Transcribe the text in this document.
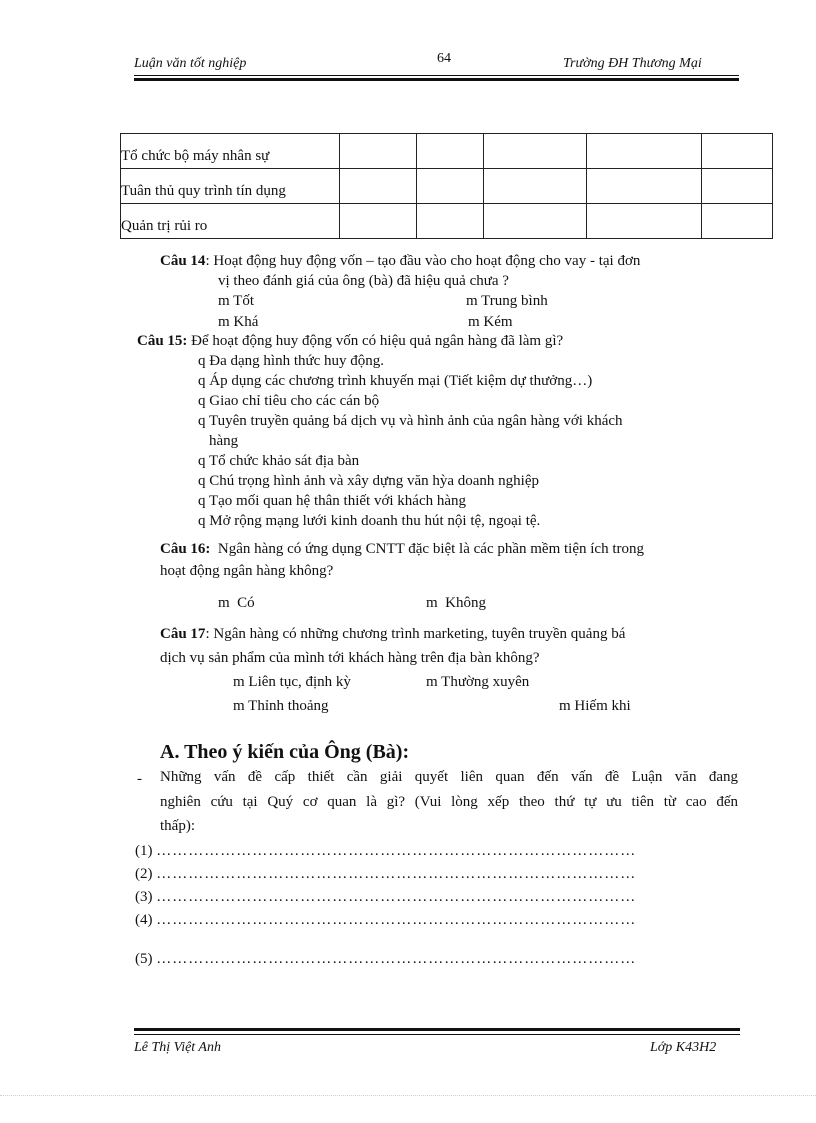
Luận văn tốt nghiệp	64	Trường ĐH Thương Mại
Tổ chức bộ máy nhân sự					
Tuân thủ quy trình tín dụng					
Quản trị rủi ro					
Câu 14: Hoạt động huy động vốn – tạo đầu vào cho hoạt động cho vay - tại đơn
vị theo đánh giá của ông (bà) đã hiệu quả chưa ?
m Tốt	m Trung bình
m Khá	m Kém
Câu 15: Để hoạt động huy động vốn có hiệu quả ngân hàng đã làm gì?
q Đa dạng hình thức huy động.
q Áp dụng các chương trình khuyến mại (Tiết kiệm dự thưởng…)
q Giao chỉ tiêu cho các cán bộ
q Tuyên truyền quảng bá dịch vụ và hình ảnh của ngân hàng với khách
hàng
q Tổ chức khảo sát địa bàn
q Chú trọng hình ảnh và xây dựng văn hỳa doanh nghiệp
q Tạo mối quan hệ thân thiết với khách hàng
q Mở rộng mạng lưới kinh doanh thu hút nội tệ, ngoại tệ.
Câu 16: Ngân hàng có ứng dụng CNTT đặc biệt là các phần mềm tiện ích trong
hoạt động ngân hàng không?
m Có	m Không
Câu 17: Ngân hàng có những chương trình marketing, tuyên truyền quảng bá
dịch vụ sản phẩm của mình tới khách hàng trên địa bàn không?
m Liên tục, định kỳ	m Thường xuyên
m Thỉnh thoảng	m Hiếm khi
A. Theo ý kiến của Ông (Bà):
- Những vấn đề cấp thiết cần giải quyết liên quan đến vấn đề Luận văn đang
nghiên cứu tại Quý cơ quan là gì? (Vui lòng xếp theo thứ tự ưu tiên từ cao đến
thấp):
(1) ………………………………………………………………………………
(2) ………………………………………………………………………………
(3) ………………………………………………………………………………
(4) ………………………………………………………………………………
(5) ………………………………………………………………………………
Lê Thị Việt Anh	Lớp K43H2
